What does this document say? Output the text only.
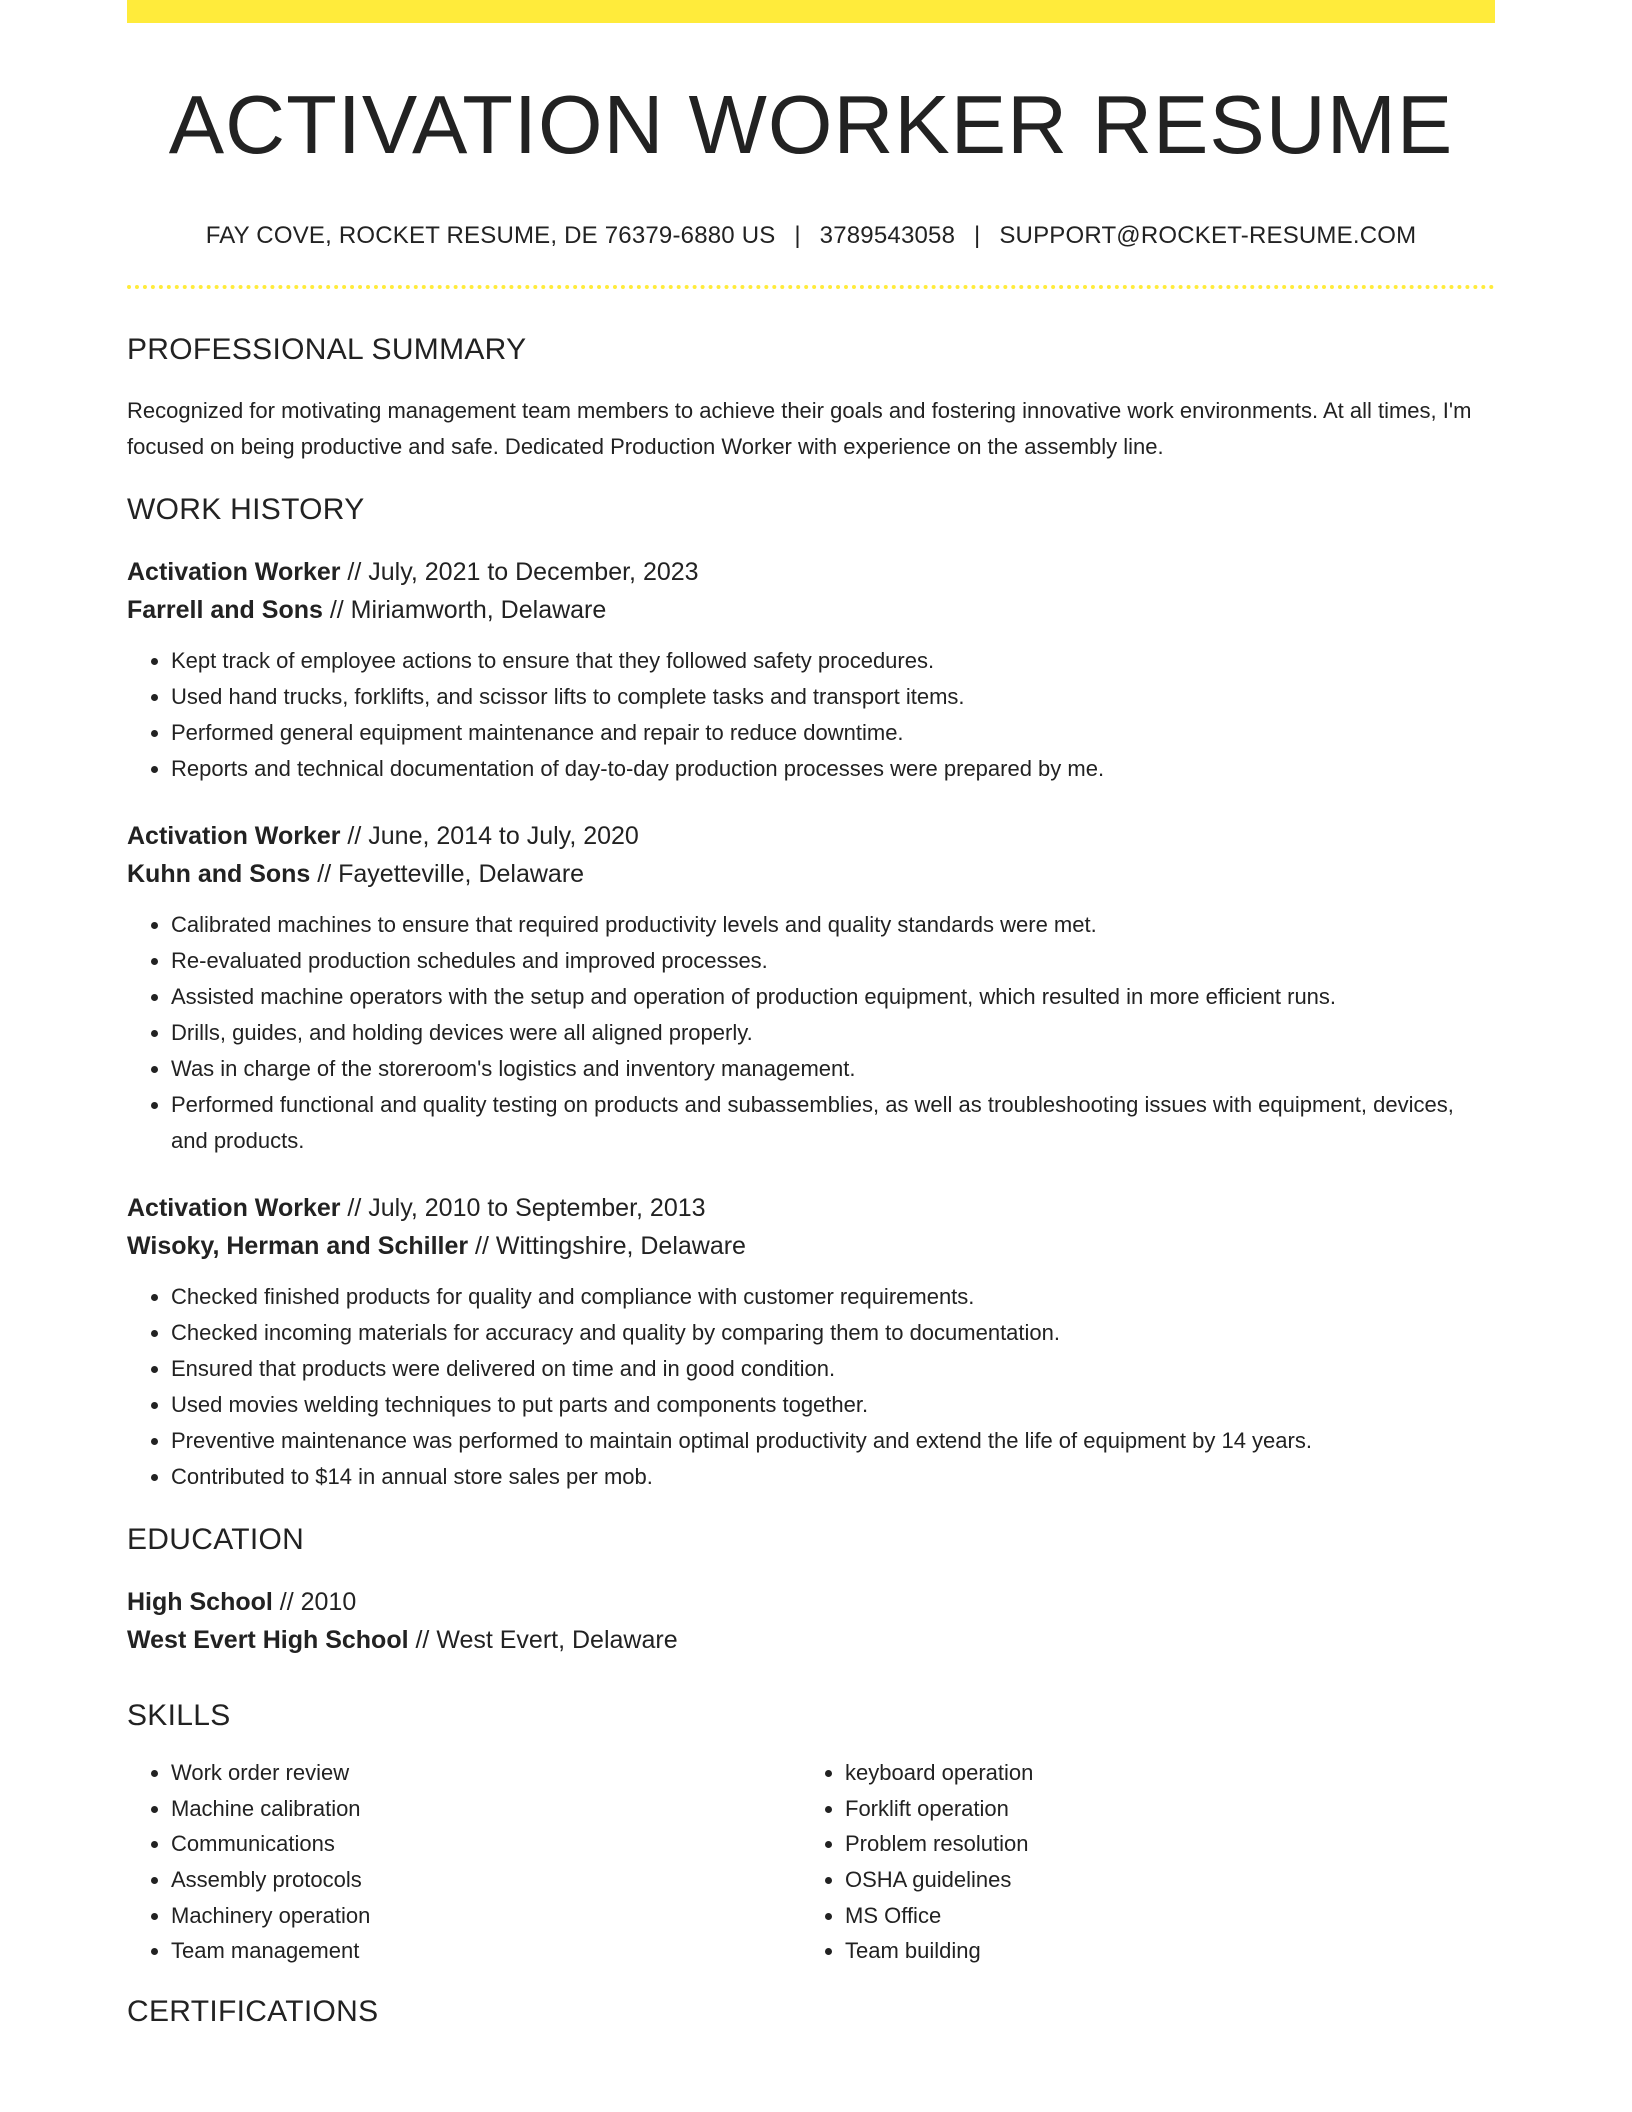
ACTIVATION WORKER RESUME
FAY COVE, ROCKET RESUME, DE 76379-6880 US | 3789543058 | SUPPORT@ROCKET-RESUME.COM
PROFESSIONAL SUMMARY
Recognized for motivating management team members to achieve their goals and fostering innovative work environments. At all times, I'm focused on being productive and safe. Dedicated Production Worker with experience on the assembly line.
WORK HISTORY
Activation Worker // July, 2021 to December, 2023
Farrell and Sons // Miriamworth, Delaware
• Kept track of employee actions to ensure that they followed safety procedures.
• Used hand trucks, forklifts, and scissor lifts to complete tasks and transport items.
• Performed general equipment maintenance and repair to reduce downtime.
• Reports and technical documentation of day-to-day production processes were prepared by me.
Activation Worker // June, 2014 to July, 2020
Kuhn and Sons // Fayetteville, Delaware
• Calibrated machines to ensure that required productivity levels and quality standards were met.
• Re-evaluated production schedules and improved processes.
• Assisted machine operators with the setup and operation of production equipment, which resulted in more efficient runs.
• Drills, guides, and holding devices were all aligned properly.
• Was in charge of the storeroom's logistics and inventory management.
• Performed functional and quality testing on products and subassemblies, as well as troubleshooting issues with equipment, devices, and products.
Activation Worker // July, 2010 to September, 2013
Wisoky, Herman and Schiller // Wittingshire, Delaware
• Checked finished products for quality and compliance with customer requirements.
• Checked incoming materials for accuracy and quality by comparing them to documentation.
• Ensured that products were delivered on time and in good condition.
• Used movies welding techniques to put parts and components together.
• Preventive maintenance was performed to maintain optimal productivity and extend the life of equipment by 14 years.
• Contributed to $14 in annual store sales per mob.
EDUCATION
High School // 2010
West Evert High School // West Evert, Delaware
SKILLS
• Work order review
• Machine calibration
• Communications
• Assembly protocols
• Machinery operation
• Team management
• keyboard operation
• Forklift operation
• Problem resolution
• OSHA guidelines
• MS Office
• Team building
CERTIFICATIONS
